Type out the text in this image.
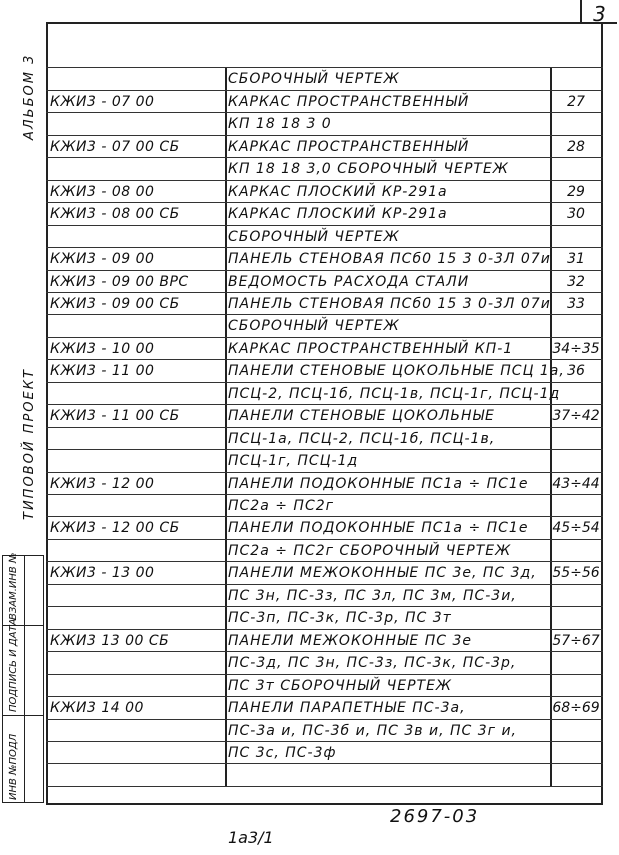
3
СБОРОЧНЫЙ ЧЕРТЕЖ
КЖИ3 - 07 00	КАРКАС ПРОСТРАНСТВЕННЫЙ	27
КП 18 18 3 0
КЖИ3 - 07 00 СБ	КАРКАС ПРОСТРАНСТВЕННЫЙ	28
КП 18 18 3,0 СБОРОЧНЫЙ ЧЕРТЕЖ
КЖИ3 - 08 00	КАРКАС ПЛОСКИЙ КР-291а	29
КЖИ3 - 08 00 СБ	КАРКАС ПЛОСКИЙ КР-291а	30
СБОРОЧНЫЙ ЧЕРТЕЖ
КЖИ3 - 09 00	ПАНЕЛЬ СТЕНОВАЯ ПСб0 15 3 0-3Л 07и	31
КЖИ3 - 09 00 ВРС	ВЕДОМОСТЬ РАСХОДА СТАЛИ	32
КЖИ3 - 09 00 СБ	ПАНЕЛЬ СТЕНОВАЯ ПСб0 15 3 0-3Л 07и	33
СБОРОЧНЫЙ ЧЕРТЕЖ
КЖИ3 - 10 00	КАРКАС ПРОСТРАНСТВЕННЫЙ КП-1	34÷35
КЖИ3 - 11 00	ПАНЕЛИ СТЕНОВЫЕ ЦОКОЛЬНЫЕ ПСЦ 1а, 36
ПСЦ-2, ПСЦ-1б, ПСЦ-1в, ПСЦ-1г, ПСЦ-1д
КЖИ3 - 11 00 СБ	ПАНЕЛИ СТЕНОВЫЕ ЦОКОЛЬНЫЕ	37÷42
ПСЦ-1а, ПСЦ-2, ПСЦ-1б, ПСЦ-1в,
ПСЦ-1г, ПСЦ-1д
КЖИ3 - 12 00	ПАНЕЛИ ПОДОКОННЫЕ ПС1а ÷ ПС1е 43÷44
ПС2а ÷ ПС2г
КЖИ3 - 12 00 СБ	ПАНЕЛИ ПОДОКОННЫЕ ПС1а ÷ ПС1е 45÷54
ПС2а ÷ ПС2г СБОРОЧНЫЙ ЧЕРТЕЖ
КЖИ3 - 13 00	ПАНЕЛИ МЕЖОКОННЫЕ ПС 3е, ПС 3д, 55÷56
ПС 3н, ПС-3з, ПС 3л, ПС 3м, ПС-3и,
ПС-3п, ПС-3к, ПС-3р, ПС 3т
КЖИ3 13 00 СБ	ПАНЕЛИ МЕЖОКОННЫЕ ПС 3е	57÷67
ПС-3д, ПС 3н, ПС-3з, ПС-3к, ПС-3р,
ПС 3т СБОРОЧНЫЙ ЧЕРТЕЖ
КЖИ3 14 00	ПАНЕЛИ ПАРАПЕТНЫЕ ПС-3а,	68÷69
ПС-3а и, ПС-3б и, ПС 3в и, ПС 3г и,
ПС 3с, ПС-3ф
АЛЬБОМ 3
ТИПОВОЙ ПРОЕКТ
ВЗАМ.ИНВ №
ПОДПИСЬ И ДАТА
ИНВ №ПОДЛ
2697-03
1а3/1
